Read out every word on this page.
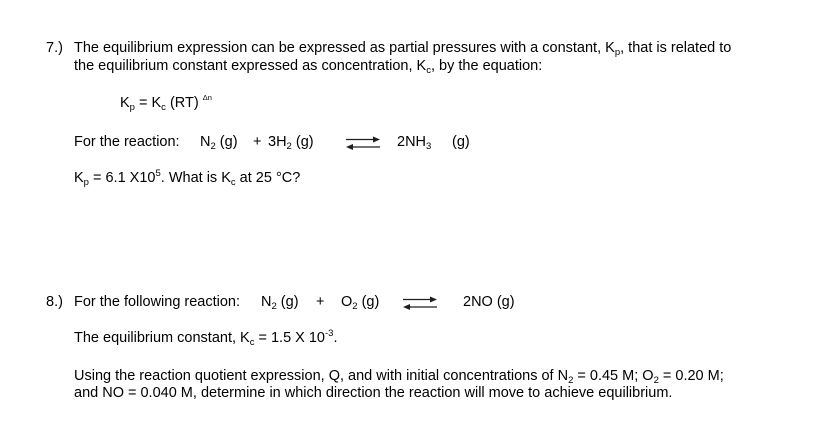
7.) The equilibrium expression can be expressed as partial pressures with a constant, $K_p$, that is related to
the equilibrium constant expressed as concentration, $K_c$, by the equation:
$K_p = K_c$ (RT) $^{\Delta n}$
For the reaction: $N_2$ $(g) + 3H_2$ (g) ⇌ $2NH_3$ (g)
$K_p = 6.1$ $X10^5$. What is $K_c$ at 25 °C?
8.) For the following reaction: $N_2$ $(g) + O_2$ (g) ⇌ 2NO (g)
The equilibrium constant, $K_c = 1.5$ X $10^{-3}$.
Using the reaction quotient expression, Q, and with initial concentrations of $N_2 = 0.45$ M; $O_2 = 0.20$ M;
and NO = 0.040 M, determine in which direction the reaction will move to achieve equilibrium.
